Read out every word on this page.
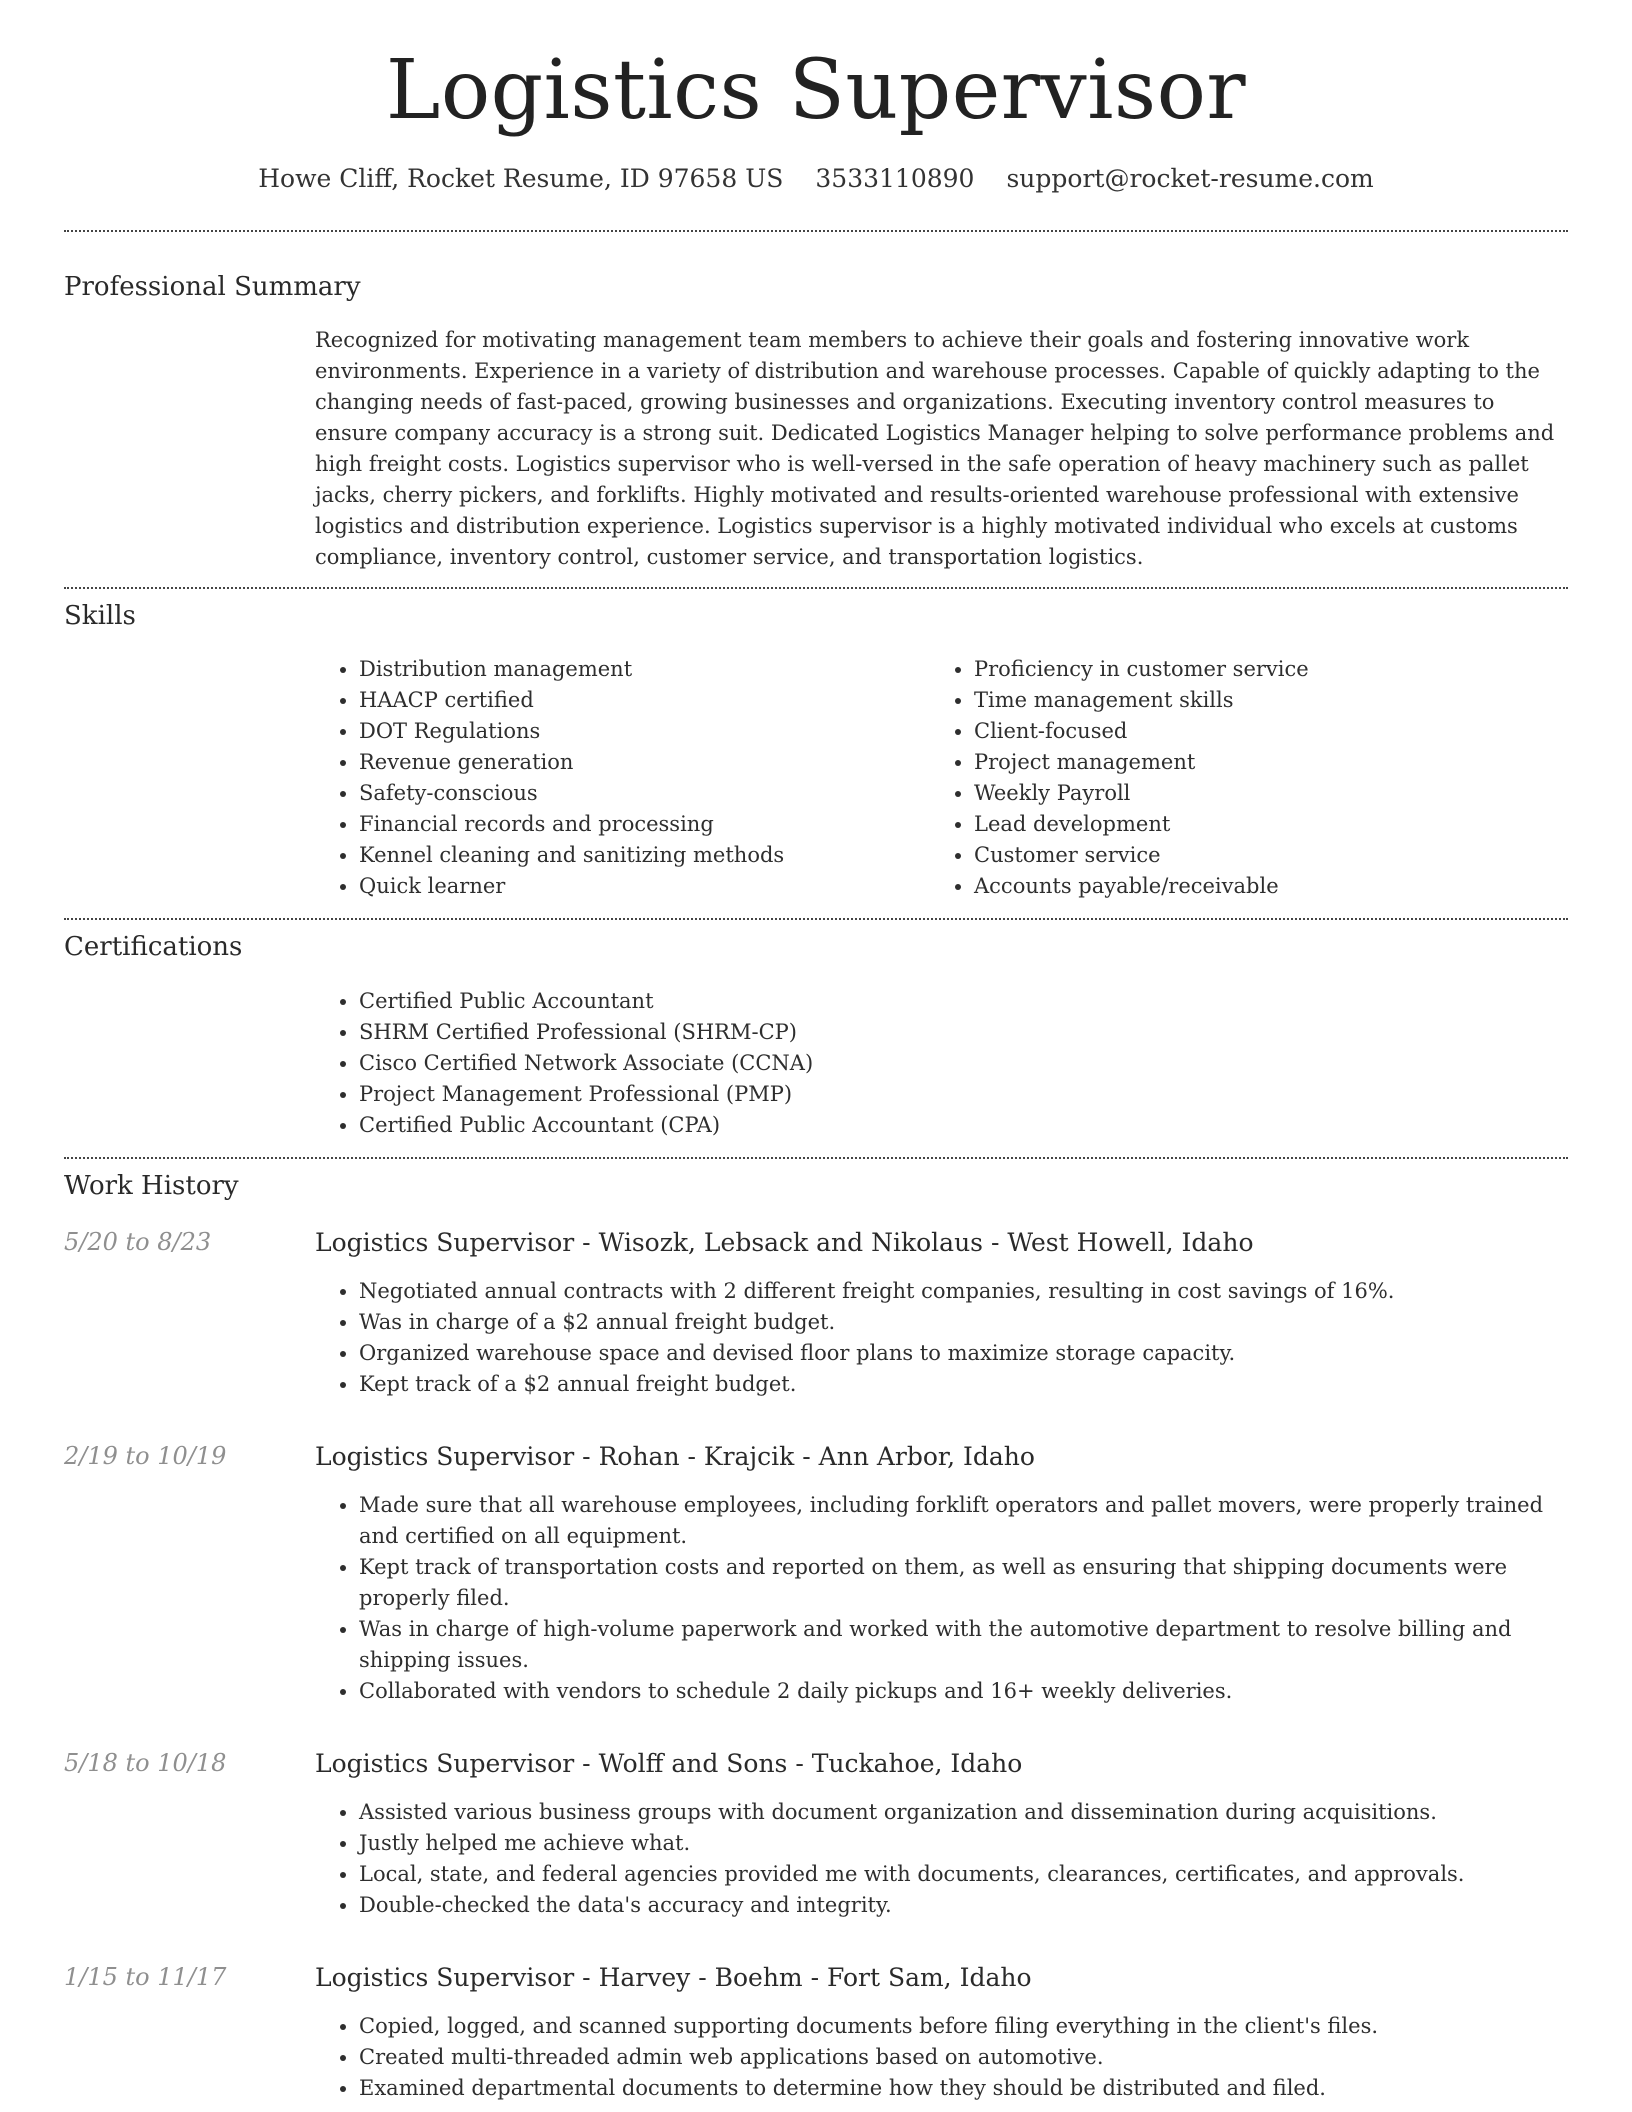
Logistics Supervisor
Howe Cliff, Rocket Resume, ID 97658 US 3533110890 support@rocket-resume.com
Professional Summary
Recognized for motivating management team members to achieve their goals and fostering innovative work environments. Experience in a variety of distribution and warehouse processes. Capable of quickly adapting to the changing needs of fast-paced, growing businesses and organizations. Executing inventory control measures to ensure company accuracy is a strong suit. Dedicated Logistics Manager helping to solve performance problems and high freight costs. Logistics supervisor who is well-versed in the safe operation of heavy machinery such as pallet jacks, cherry pickers, and forklifts. Highly motivated and results-oriented warehouse professional with extensive logistics and distribution experience. Logistics supervisor is a highly motivated individual who excels at customs compliance, inventory control, customer service, and transportation logistics.
Skills
• Distribution management
• HAACP certified
• DOT Regulations
• Revenue generation
• Safety-conscious
• Financial records and processing
• Kennel cleaning and sanitizing methods
• Quick learner
• Proficiency in customer service
• Time management skills
• Client-focused
• Project management
• Weekly Payroll
• Lead development
• Customer service
• Accounts payable/receivable
Certifications
• Certified Public Accountant
• SHRM Certified Professional (SHRM-CP)
• Cisco Certified Network Associate (CCNA)
• Project Management Professional (PMP)
• Certified Public Accountant (CPA)
Work History
5/20 to 8/23	Logistics Supervisor - Wisozk, Lebsack and Nikolaus - West Howell, Idaho
• Negotiated annual contracts with 2 different freight companies, resulting in cost savings of 16%.
• Was in charge of a $2 annual freight budget.
• Organized warehouse space and devised floor plans to maximize storage capacity.
• Kept track of a $2 annual freight budget.
2/19 to 10/19	Logistics Supervisor - Rohan - Krajcik - Ann Arbor, Idaho
• Made sure that all warehouse employees, including forklift operators and pallet movers, were properly trained and certified on all equipment.
• Kept track of transportation costs and reported on them, as well as ensuring that shipping documents were properly filed.
• Was in charge of high-volume paperwork and worked with the automotive department to resolve billing and shipping issues.
• Collaborated with vendors to schedule 2 daily pickups and 16+ weekly deliveries.
5/18 to 10/18	Logistics Supervisor - Wolff and Sons - Tuckahoe, Idaho
• Assisted various business groups with document organization and dissemination during acquisitions.
• Justly helped me achieve what.
• Local, state, and federal agencies provided me with documents, clearances, certificates, and approvals.
• Double-checked the data's accuracy and integrity.
1/15 to 11/17	Logistics Supervisor - Harvey - Boehm - Fort Sam, Idaho
• Copied, logged, and scanned supporting documents before filing everything in the client's files.
• Created multi-threaded admin web applications based on automotive.
• Examined departmental documents to determine how they should be distributed and filed.
